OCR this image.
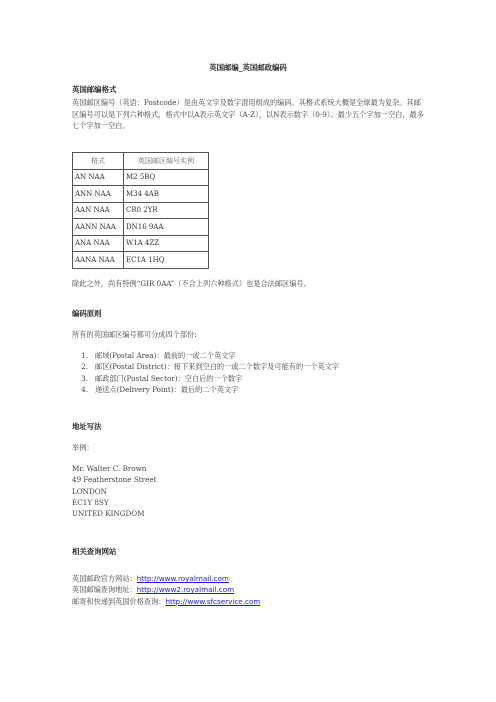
英国邮编_英国邮政编码
英国邮编格式
英国邮区编号（英语：Postcode）是由英文字及数字混用组成的编码。其格式系统大概是全球最为复杂。其邮区编号可以是下列六种格式，格式中以A表示英文字（A-Z），以N表示数字（0-9）。最少五个字加一空白，最多七个字加一空白。
格式	英国邮区编号实例
AN NAA	M2 5BQ
ANN NAA	M34 4AB
AAN NAA	CR0 2YR
AANN NAA	DN16 9AA
ANA NAA	W1A 4ZZ
AANA NAA	EC1A 1HQ
除此之外，尚有特例“GIR 0AA”（不合上列六种格式）也是合法邮区编号。
编码原则
所有的英国邮区编号都可分成四个部份:
1. 邮域(Postal Area)：最前的一或二个英文字
2. 邮区(Postal District)：接下来到空白的一或二个数字及可能有的一个英文字
3. 邮政部门(Postal Sector)：空白后的一个数字
4. 递送点(Delivery Point)：最后的二个英文字
地址写法
举例：
Mr. Walter C. Brown
49 Featherstone Street
LONDON
EC1Y 8SY
UNITED KINGDOM
相关查询网站
英国邮政官方网站：http://www.royalmail.com
英国邮编查询地址：http://www2.royalmail.com
邮寄和快递到英国价格查询：http://www.sfcservice.com
